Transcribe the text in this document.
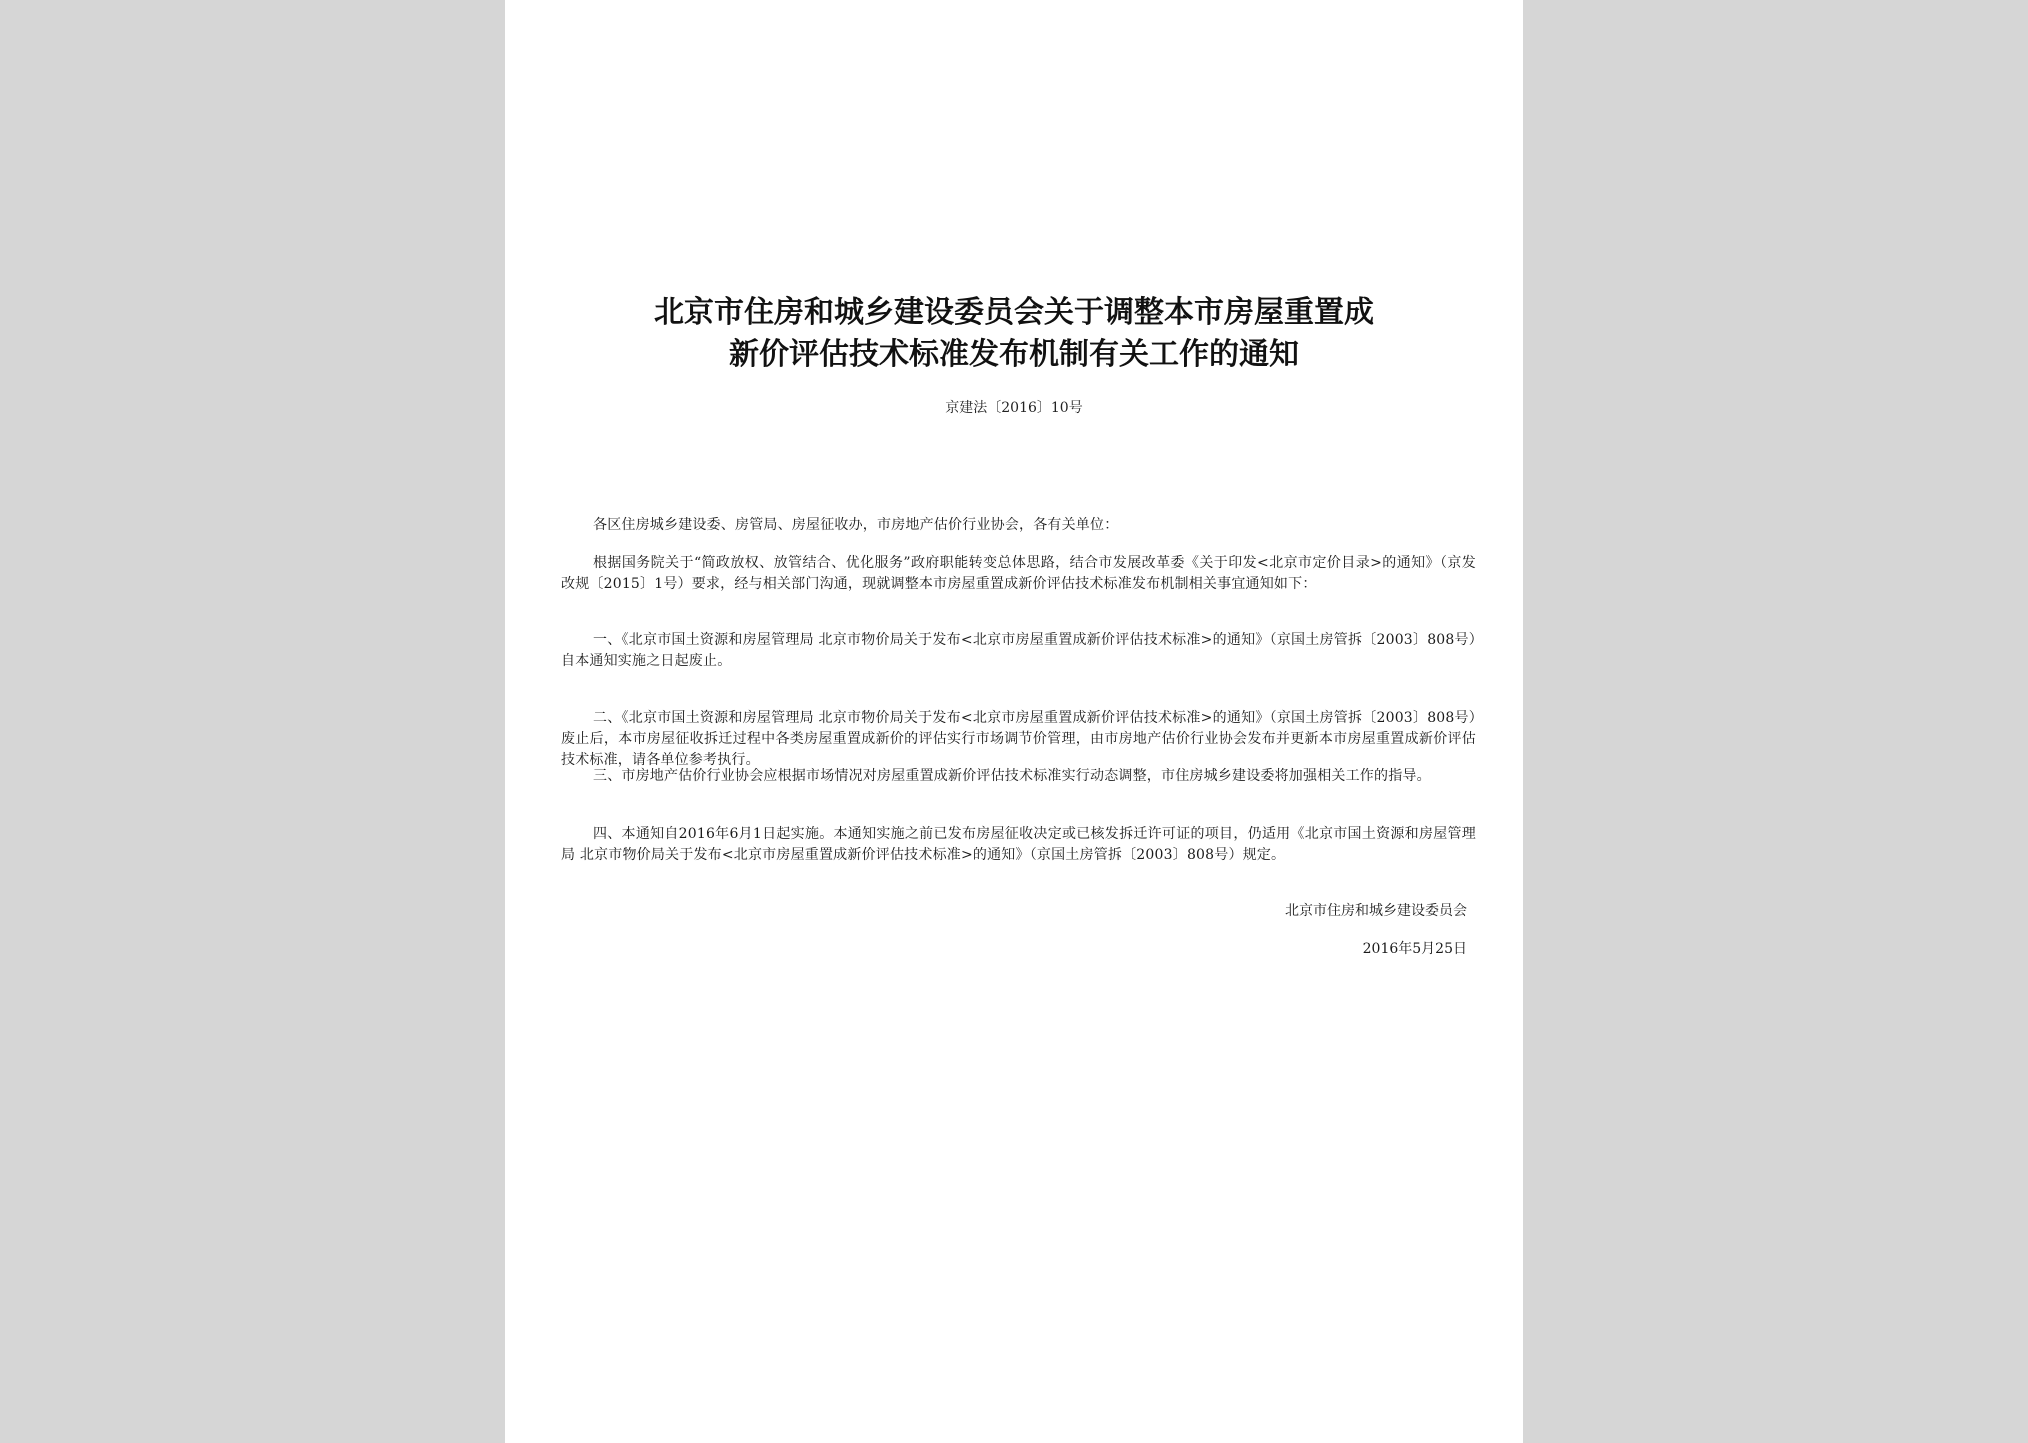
北京市住房和城乡建设委员会关于调整本市房屋重置成
新价评估技术标准发布机制有关工作的通知
京建法〔2016〕10号

各区住房城乡建设委、房管局、房屋征收办，市房地产估价行业协会，各有关单位：

根据国务院关于“简政放权、放管结合、优化服务”政府职能转变总体思路，结合市发展改革委《关于印发<北京市定价目录>的通知》（京发改规〔2015〕1号）要求，经与相关部门沟通，现就调整本市房屋重置成新价评估技术标准发布机制相关事宜通知如下：

一、《北京市国土资源和房屋管理局 北京市物价局关于发布<北京市房屋重置成新价评估技术标准>的通知》（京国土房管拆〔2003〕808号）自本通知实施之日起废止。

二、《北京市国土资源和房屋管理局 北京市物价局关于发布<北京市房屋重置成新价评估技术标准>的通知》（京国土房管拆〔2003〕808号）废止后，本市房屋征收拆迁过程中各类房屋重置成新价的评估实行市场调节价管理，由市房地产估价行业协会发布并更新本市房屋重置成新价评估技术标准，请各单位参考执行。

三、市房地产估价行业协会应根据市场情况对房屋重置成新价评估技术标准实行动态调整，市住房城乡建设委将加强相关工作的指导。

四、本通知自2016年6月1日起实施。本通知实施之前已发布房屋征收决定或已核发拆迁许可证的项目，仍适用《北京市国土资源和房屋管理局 北京市物价局关于发布<北京市房屋重置成新价评估技术标准>的通知》（京国土房管拆〔2003〕808号）规定。

北京市住房和城乡建设委员会
2016年5月25日
